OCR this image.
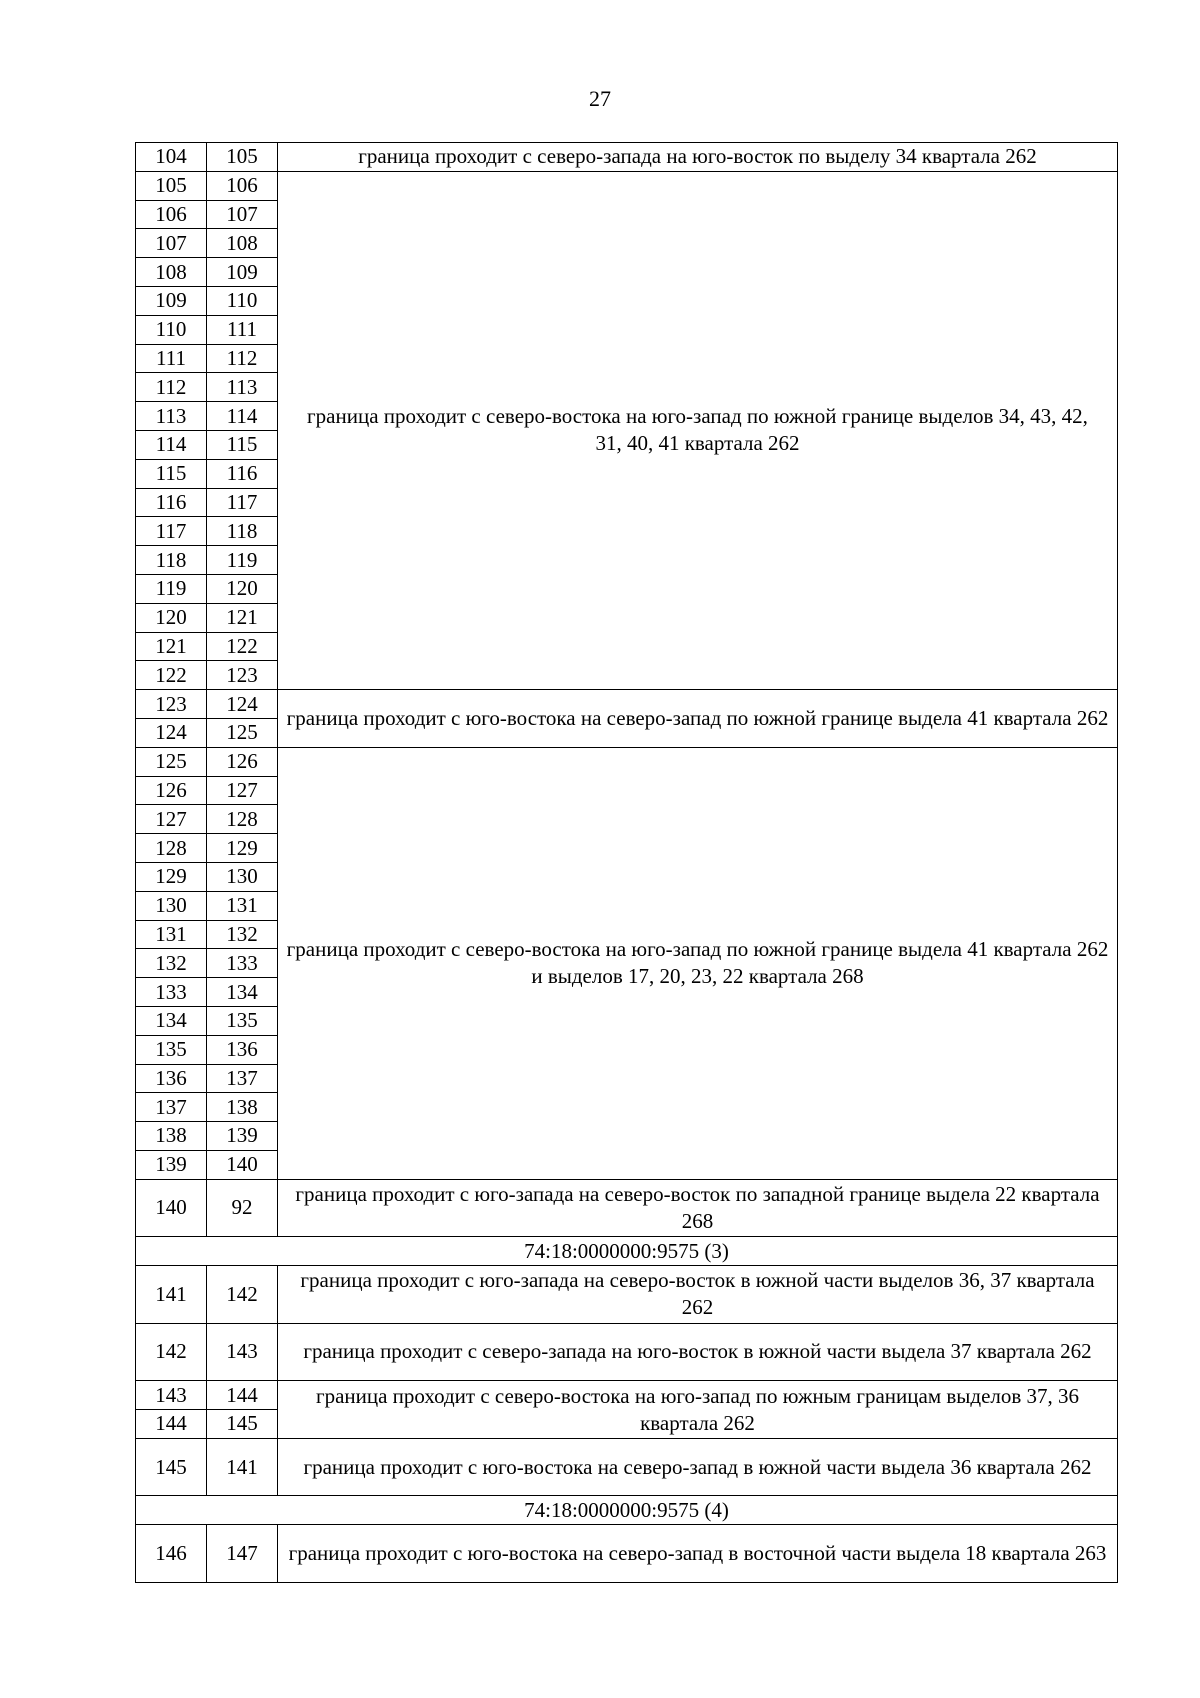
27
104	105	граница проходит с северо-запада на юго-восток по выделу 34 квартала 262
105	106	граница проходит с северо-востока на юго-запад по южной границе выделов 34, 43, 42, 31, 40, 41 квартала 262
106	107	
107	108	
108	109	
109	110	
110	111	
111	112	
112	113	
113	114	
114	115	
115	116	
116	117	
117	118	
118	119	
119	120	
120	121	
121	122	
122	123	
123	124	граница проходит с юго-востока на северо-запад по южной границе выдела 41 квартала 262
124	125	
125	126	граница проходит с северо-востока на юго-запад по южной границе выдела 41 квартала 262 и выделов 17, 20, 23, 22 квартала 268
126	127	
127	128	
128	129	
129	130	
130	131	
131	132	
132	133	
133	134	
134	135	
135	136	
136	137	
137	138	
138	139	
139	140	
140	92	граница проходит с юго-запада на северо-восток по западной границе выдела 22 квартала 268
74:18:0000000:9575 (3)		
141	142	граница проходит с юго-запада на северо-восток в южной части выделов 36, 37 квартала 262
142	143	граница проходит с северо-запада на юго-восток в южной части выдела 37 квартала 262
143	144	граница проходит с северо-востока на юго-запад по южным границам выделов 37, 36 квартала 262
144	145	
145	141	граница проходит с юго-востока на северо-запад в южной части выдела 36 квартала 262
74:18:0000000:9575 (4)		
146	147	граница проходит с юго-востока на северо-запад в восточной части выдела 18 квартала 263
